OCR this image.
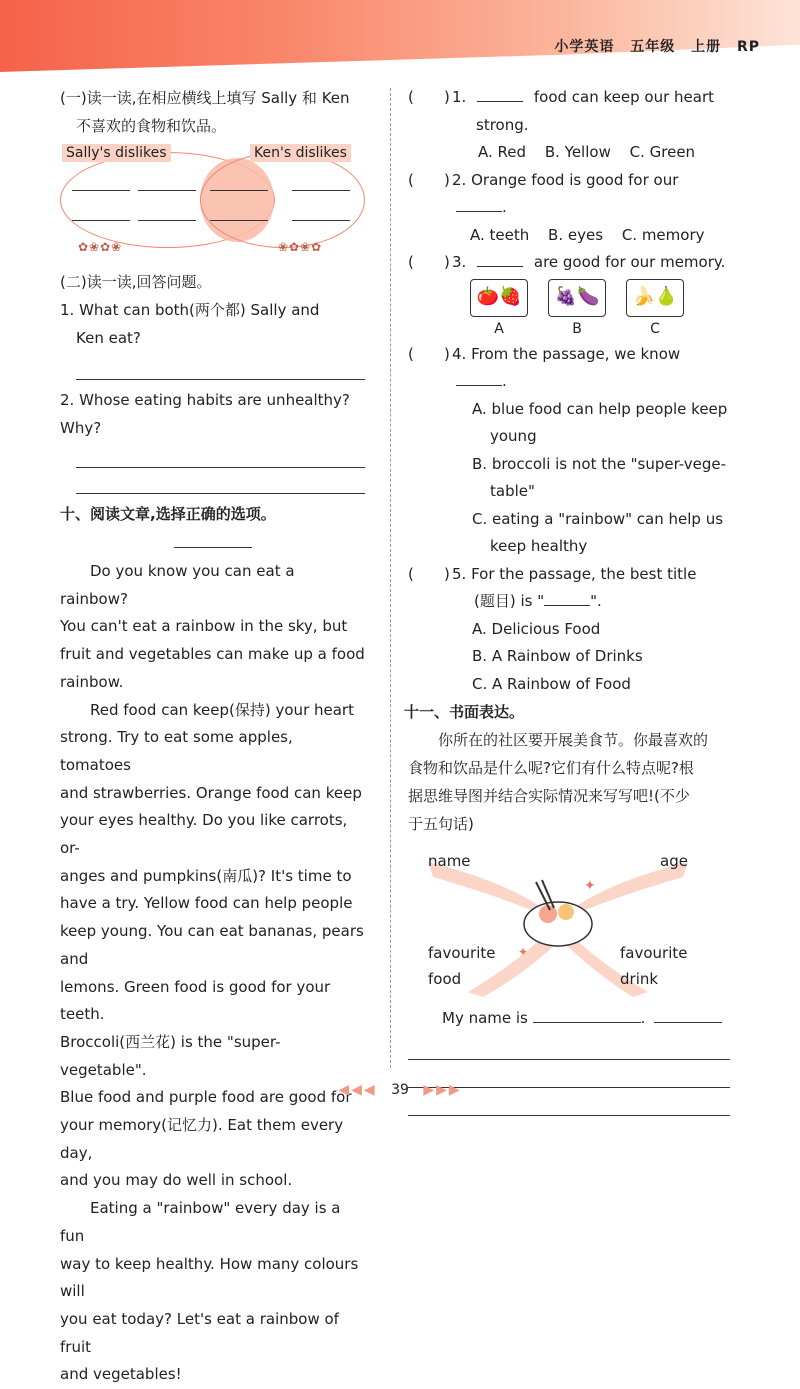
小学英语 五年级 上册 RP
(一)读一读,在相应横线上填写 Sally 和 Ken
不喜欢的食物和饮品。
Sally's dislikes	Ken's dislikes
✿❀✿❀	❀✿❀✿
(二)读一读,回答问题。
1. What can both(两个都) Sally and
Ken eat?
2. Whose eating habits are unhealthy? Why?
十、阅读文章,选择正确的选项。
Do you know you can eat a rainbow?
You can't eat a rainbow in the sky, but
fruit and vegetables can make up a food
rainbow.
Red food can keep(保持) your heart
strong. Try to eat some apples, tomatoes
and strawberries. Orange food can keep
your eyes healthy. Do you like carrots, or-
anges and pumpkins(南瓜)? It's time to
have a try. Yellow food can help people
keep young. You can eat bananas, pears and
lemons. Green food is good for your teeth.
Broccoli(西兰花) is the "super-vegetable".
Blue food and purple food are good for
your memory(记忆力). Eat them every day,
and you may do well in school.
Eating a "rainbow" every day is a fun
way to keep healthy. How many colours will
you eat today? Let's eat a rainbow of fruit
and vegetables!
( ) 1.	food can keep our heart
strong.
A. Red B. Yellow C. Green
( ) 2. Orange food is good for our .
A. teeth B. eyes C. memory
( ) 3.	are good for our memory.
🍅🍓
A
🍇🍆
B
🍌🍐
C
( ) 4. From the passage, we know .
A. blue food can help people keep
young
B. broccoli is not the "super-vege-
table"
C. eating a "rainbow" can help us
keep healthy
( ) 5. For the passage, the best title
(题目) is "	".
A. Delicious Food
B. A Rainbow of Drinks
C. A Rainbow of Food
十一、书面表达。
你所在的社区要开展美食节。你最喜欢的
食物和饮品是什么呢?它们有什么特点呢?根
据思维导图并结合实际情况来写写吧!(不少
于五句话)
✦
✦
name	age
favourite
food
favourite
drink
My name is	.
◀◀◀ 39 ▶▶▶
